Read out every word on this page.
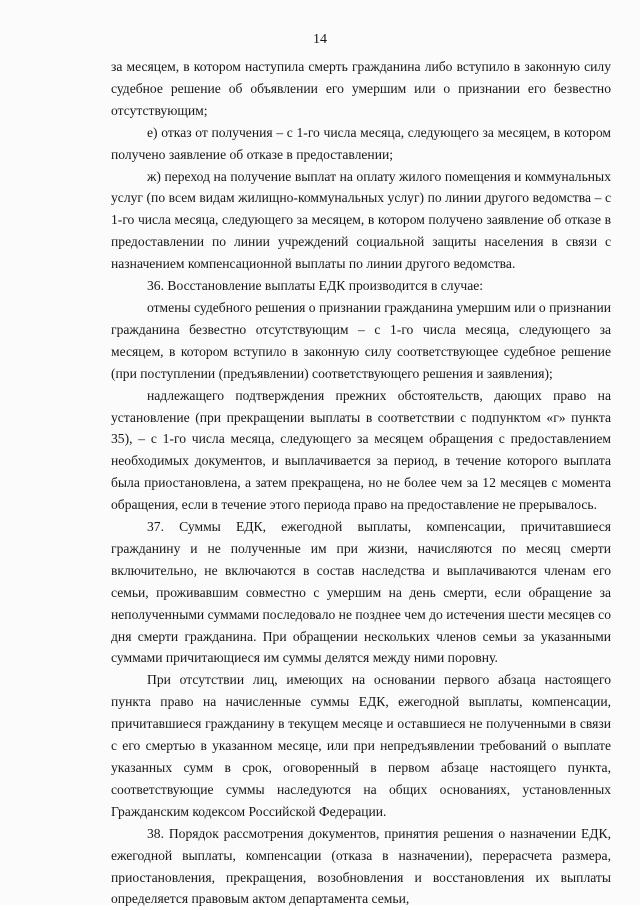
14

за месяцем, в котором наступила смерть гражданина либо вступило в законную силу судебное решение об объявлении его умершим или о признании его безвестно отсутствующим;

е) отказ от получения – с 1-го числа месяца, следующего за месяцем, в котором получено заявление об отказе в предоставлении;

ж) переход на получение выплат на оплату жилого помещения и коммунальных услуг (по всем видам жилищно-коммунальных услуг) по линии другого ведомства – с 1-го числа месяца, следующего за месяцем, в котором получено заявление об отказе в предоставлении по линии учреждений социальной защиты населения в связи с назначением компенсационной выплаты по линии другого ведомства.

36. Восстановление выплаты ЕДК производится в случае:

отмены судебного решения о признании гражданина умершим или о признании гражданина безвестно отсутствующим – с 1-го числа месяца, следующего за месяцем, в котором вступило в законную силу соответствующее судебное решение (при поступлении (предъявлении) соответствующего решения и заявления);

надлежащего подтверждения прежних обстоятельств, дающих право на установление (при прекращении выплаты в соответствии с подпунктом «г» пункта 35), – с 1-го числа месяца, следующего за месяцем обращения с предоставлением необходимых документов, и выплачивается за период, в течение которого выплата была приостановлена, а затем прекращена, но не более чем за 12 месяцев с момента обращения, если в течение этого периода право на предоставление не прерывалось.

37. Суммы ЕДК, ежегодной выплаты, компенсации, причитавшиеся гражданину и не полученные им при жизни, начисляются по месяц смерти включительно, не включаются в состав наследства и выплачиваются членам его семьи, проживавшим совместно с умершим на день смерти, если обращение за неполученными суммами последовало не позднее чем до истечения шести месяцев со дня смерти гражданина. При обращении нескольких членов семьи за указанными суммами причитающиеся им суммы делятся между ними поровну.

При отсутствии лиц, имеющих на основании первого абзаца настоящего пункта право на начисленные суммы ЕДК, ежегодной выплаты, компенсации, причитавшиеся гражданину в текущем месяце и оставшиеся не полученными в связи с его смертью в указанном месяце, или при непредъявлении требований о выплате указанных сумм в срок, оговоренный в первом абзаце настоящего пункта, соответствующие суммы наследуются на общих основаниях, установленных Гражданским кодексом Российской Федерации.

38. Порядок рассмотрения документов, принятия решения о назначении ЕДК, ежегодной выплаты, компенсации (отказа в назначении), перерасчета размера, приостановления, прекращения, возобновления и восстановления их выплаты определяется правовым актом департамента семьи,
